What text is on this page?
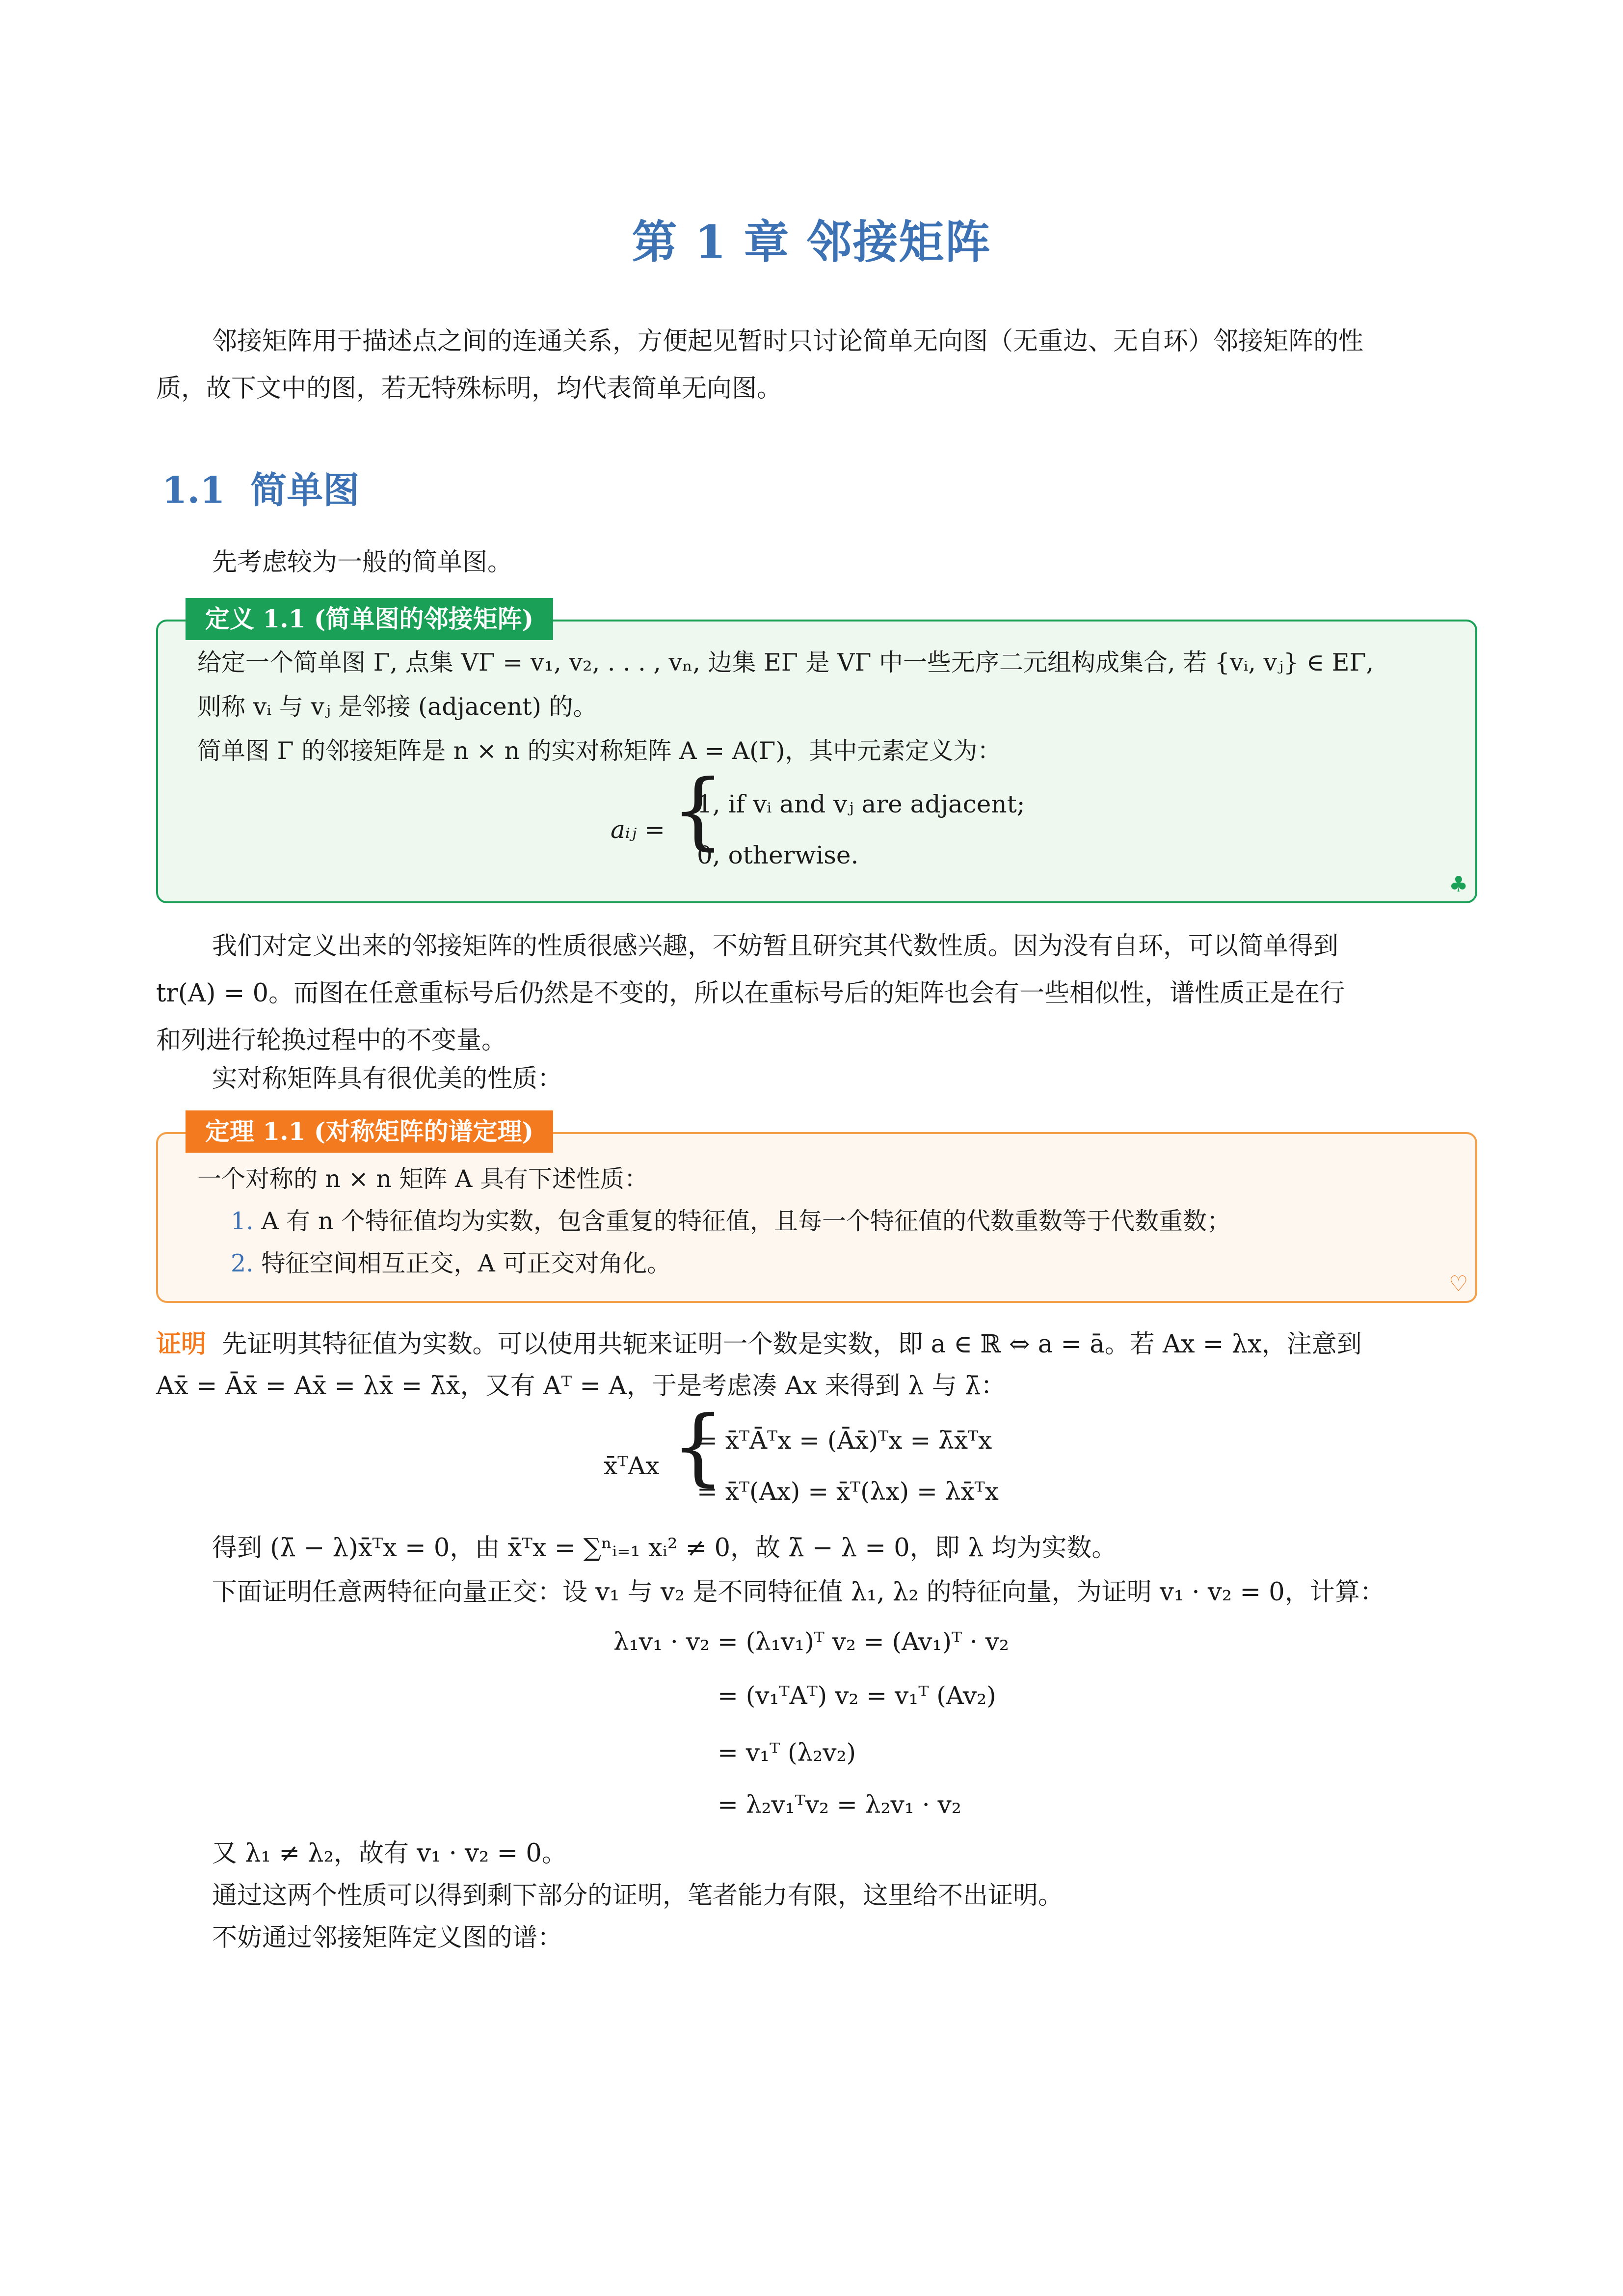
第 1 章 邻接矩阵
邻接矩阵用于描述点之间的连通关系，方便起见暂时只讨论简单无向图（无重边、无自环）邻接矩阵的性
质，故下文中的图，若无特殊标明，均代表简单无向图。
1.1 简单图
先考虑较为一般的简单图。
定义 1.1 (简单图的邻接矩阵)
给定一个简单图 Γ, 点集 VΓ = v₁, v₂, . . . , vₙ, 边集 EΓ 是 VΓ 中一些无序二元组构成集合, 若 {vᵢ, vⱼ} ∈ EΓ,
则称 vᵢ 与 vⱼ 是邻接 (adjacent) 的。
简单图 Γ 的邻接矩阵是 n × n 的实对称矩阵 A = A(Γ)，其中元素定义为：
aᵢⱼ = {
1, if vᵢ and vⱼ are adjacent;
0, otherwise.
♣
我们对定义出来的邻接矩阵的性质很感兴趣，不妨暂且研究其代数性质。因为没有自环，可以简单得到
tr(A) = 0。而图在任意重标号后仍然是不变的，所以在重标号后的矩阵也会有一些相似性，谱性质正是在行
和列进行轮换过程中的不变量。
实对称矩阵具有很优美的性质：
定理 1.1 (对称矩阵的谱定理)
一个对称的 n × n 矩阵 A 具有下述性质：
1. A 有 n 个特征值均为实数，包含重复的特征值，且每一个特征值的代数重数等于代数重数；
2. 特征空间相互正交，A 可正交对角化。
♡
证明 先证明其特征值为实数。可以使用共轭来证明一个数是实数，即 a ∈ ℝ ⇔ a = ā。若 Ax = λx，注意到
Ax̄ = Āx̄ = Ax̄ = λx̄ = λ̄x̄，又有 Aᵀ = A，于是考虑凑 Ax 来得到 λ 与 λ̄：
x̄ᵀAx {
= x̄ᵀĀᵀx = (Āx̄)ᵀx = λ̄x̄ᵀx
= x̄ᵀ(Ax) = x̄ᵀ(λx) = λx̄ᵀx
得到 (λ̄ − λ)x̄ᵀx = 0，由 x̄ᵀx = ∑ⁿᵢ₌₁ xᵢ² ≠ 0，故 λ̄ − λ = 0，即 λ 均为实数。
下面证明任意两特征向量正交：设 v₁ 与 v₂ 是不同特征值 λ₁, λ₂ 的特征向量，为证明 v₁ · v₂ = 0，计算：
λ₁v₁ · v₂ = (λ₁v₁)ᵀ v₂ = (Av₁)ᵀ · v₂
= (v₁ᵀAᵀ) v₂ = v₁ᵀ (Av₂)
= v₁ᵀ (λ₂v₂)
= λ₂v₁ᵀv₂ = λ₂v₁ · v₂
又 λ₁ ≠ λ₂，故有 v₁ · v₂ = 0。
通过这两个性质可以得到剩下部分的证明，笔者能力有限，这里给不出证明。
不妨通过邻接矩阵定义图的谱：
